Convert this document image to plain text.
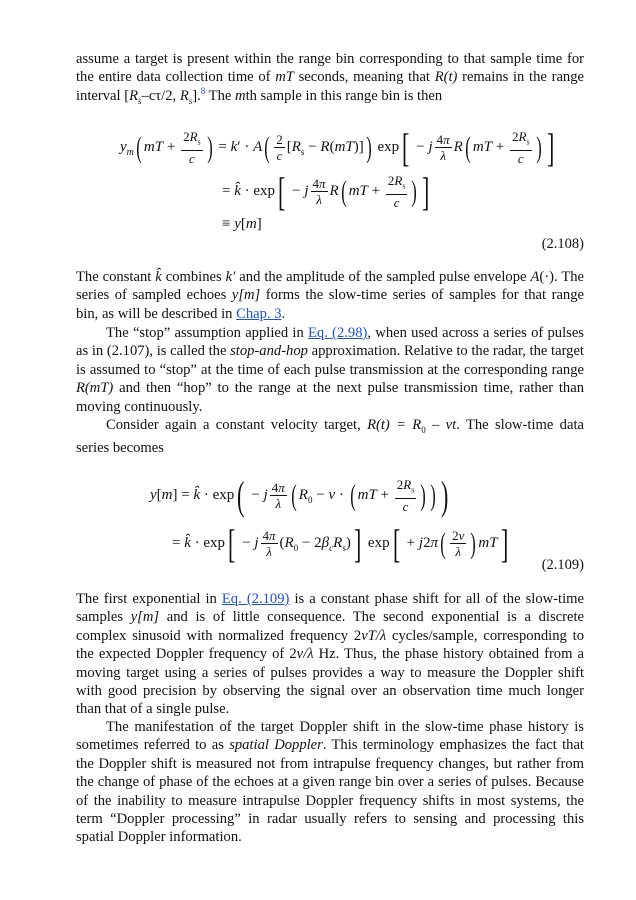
assume a target is present within the range bin corresponding to that sample time for the entire data collection time of mT seconds, meaning that R(t) remains in the range interval [$R_s-c\tau/2$, $R_s].^8$ The mth sample in this range bin is then

$y_m$( mT + $\frac{2R_s}{c}$ ) = $k' \cdot A( \frac{2}{c} [R_s - R(mT)])$ exp[ − j $\frac{4\pi}{\lambda} R$( mT + $\frac{2R_s}{c}$ ) ]
= k̂ · exp[ − j $\frac{4\pi}{\lambda} R$( mT + $\frac{2R_s}{c}$ ) ]
≡ y[m]
(2.108)

The constant k̂ combines k′ and the amplitude of the sampled pulse envelope A(·). The series of sampled echoes y[m] forms the slow-time series of samples for that range bin, as will be described in Chap. 3.

The “stop” assumption applied in Eq. (2.98), when used across a series of pulses as in (2.107), is called the stop-and-hop approximation. Relative to the radar, the target is assumed to “stop” at the time of each pulse transmission at the corresponding range R(mT) and then “hop” to the range at the next pulse transmission time, rather than moving continuously.

Consider again a constant velocity target, $R(t) = R_0$ – vt. The slow-time data series becomes

y[m] = k̂ · exp( − j $\frac{4\pi}{\lambda}$ ( $R_0 - v$ · ( mT + $\frac{2R_s}{c}$ ) ) )
= k̂ · exp[ − j $\frac{4\pi}{\lambda} (R_0 - 2\beta_cR_s)$] $\exp[ + j2\pi( \frac{2v}{\lambda}$ ) mT] (2.109)

The first exponential in Eq. (2.109) is a constant phase shift for all of the slow-time samples y[m] and is of little consequence. The second exponential is a discrete complex sinusoid with normalized frequency 2vT/λ cycles/sample, corresponding to the expected Doppler frequency of 2v/λ Hz. Thus, the phase history obtained from a moving target using a series of pulses provides a way to measure the Doppler shift with good precision by observing the signal over an observation time much longer than that of a single pulse.

The manifestation of the target Doppler shift in the slow-time phase history is sometimes referred to as spatial Doppler. This terminology emphasizes the fact that the Doppler shift is measured not from intrapulse frequency changes, but rather from the change of phase of the echoes at a given range bin over a series of pulses. Because of the inability to measure intrapulse Doppler frequency shifts in most systems, the term “Doppler processing” in radar usually refers to sensing and processing this spatial Doppler information.
